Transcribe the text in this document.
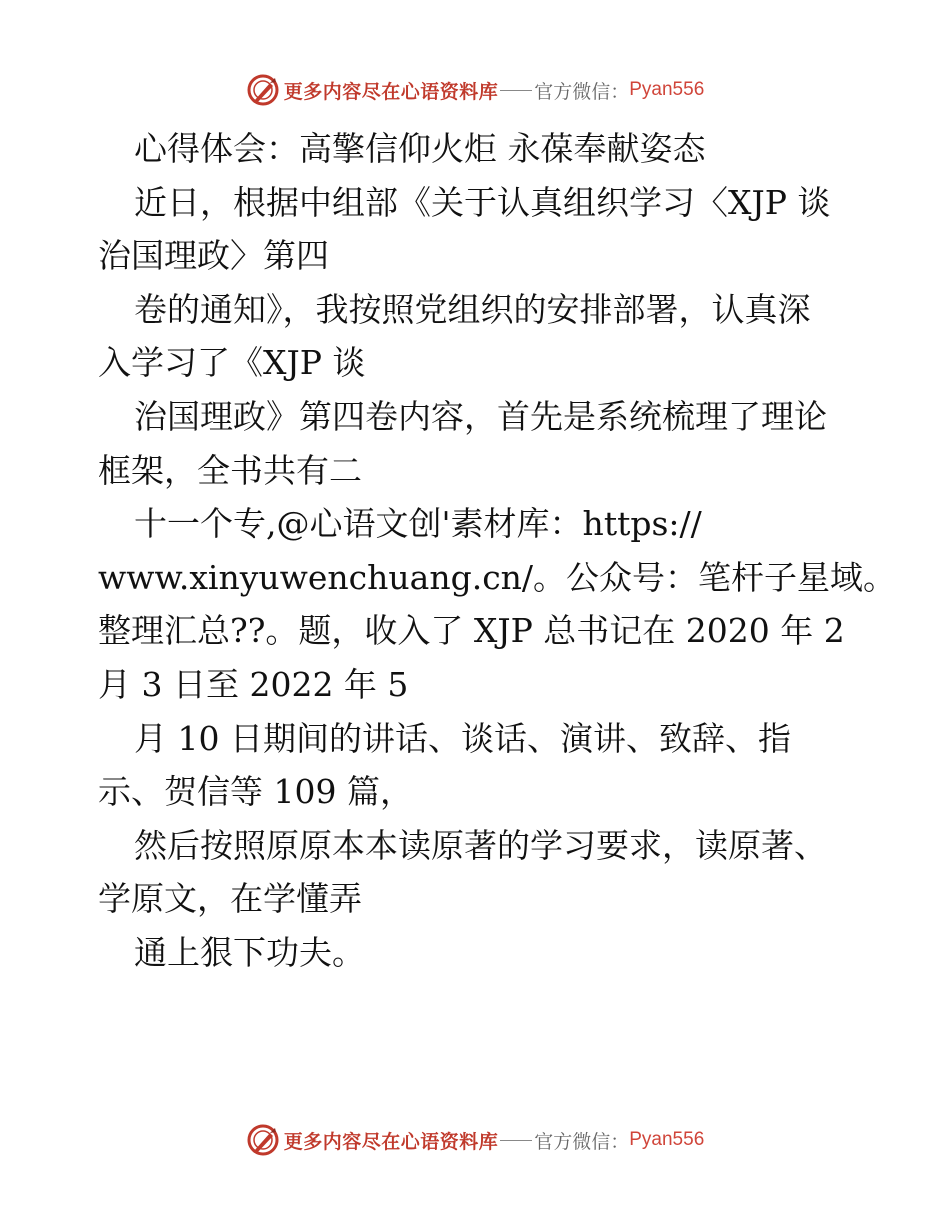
更多内容尽在心语资料库 官方微信： Pyan556
心得体会：高擎信仰火炬 永葆奉献姿态
近日，根据中组部《关于认真组织学习〈XJP 谈
治国理政〉第四
卷的通知》，我按照党组织的安排部署，认真深
入学习了《XJP 谈
治国理政》第四卷内容，首先是系统梳理了理论
框架，全书共有二
十一个专,@心语文创'素材库：https://
www.xinyuwenchuang.cn/。公众号：笔杆子星域。
整理汇总??。题，收入了 XJP 总书记在 2020 年 2
月 3 日至 2022 年 5
月 10 日期间的讲话、谈话、演讲、致辞、指
示、贺信等 109 篇，
然后按照原原本本读原著的学习要求，读原著、
学原文，在学懂弄
通上狠下功夫。
更多内容尽在心语资料库 官方微信： Pyan556
